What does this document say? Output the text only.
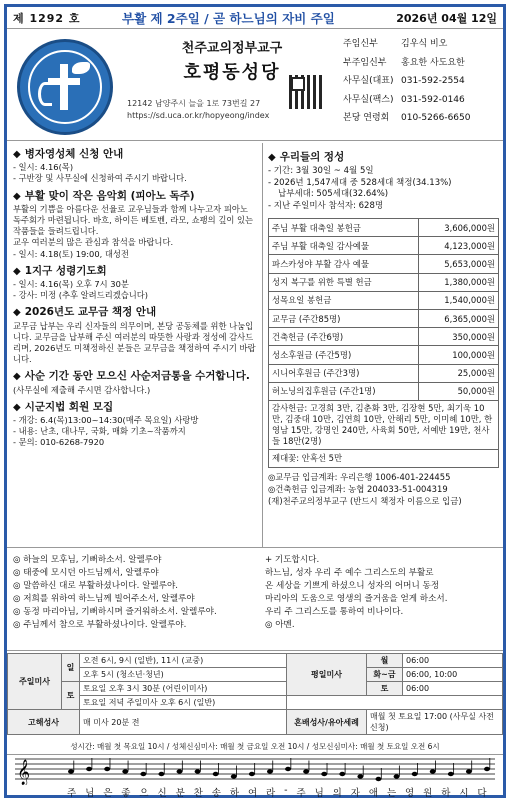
제 1292 호	부활 제 2주일 / 곧 하느님의 자비 주일	2026년 04월 12일
천주교의정부교구
호평동성당
12142 남양주시 늘을 1로 73번길 27
https://sd.uca.or.kr/hopyeong/index
주임신부	김우식 비오
부주임신부	홍요한 사도요한
사무실(대표) 031-592-2554
사무실(팩스) 031-592-0146
본당 연령회	010-5266-6650
◆ 병자영성체 신청 안내

- 일시: 4.16(목)

- 구반장 및 사무실에 신청하여 주시기 바랍니다.

◆ 부활 맞이 작은 음악회 (피아노 독주)

부활의 기쁨을 아름다운 선율로 교우님들과 함께 나누고자 피아노 독주회가 마련됩니다. 바흐, 하이든 베토벤, 라모, 쇼팽의 깊이 있는 작품들을 들려드립니다.

교우 여러분의 많은 관심과 참석을 바랍니다.

- 일시: 4.18(토) 19:00, 대성전

◆ 1지구 성령기도회

- 일시: 4.16(목) 오후 7시 30분

- 강사: 미정 (추후 알려드리겠습니다)

◆ 2026년도 교무금 책정 안내

교무금 납부는 우리 신자들의 의무이며, 본당 공동체를 위한 나눔입니다. 교무금을 납부해 주신 여러분의 따뜻한 사랑과 정성에 감사드리며, 2026년도 미책정하신 분들은 교무금을 책정하여 주시기 바랍니다.

◆ 사순 기간 동안 모으신 사순저금통을 수거합니다.

(사무실에 제출해 주시면 감사합니다.)

◆ 시군지법 회원 모집

- 개강: 6.4(목)13:00~14:30(매주 목요일) 사랑방

- 내용: 난초, 대나무, 국화, 매화 기초~작품까지

- 문의: 010-6268-7920

◆ 우리들의 정성

- 기간: 3월 30일 ~ 4월 5일

- 2026년 1,547세대 중 528세대 책정(34.13%)

납부세대: 505세대(32.64%)

- 지난 주일미사 참석자: 628명

주님 부활 대축일 봉헌금	3,606,000원
주님 부활 대축일 감사예물	4,123,000원
파스카성야 부활 감사 예물	5,653,000원
성지 복구를 위한 특별 헌금	1,380,000원
성목요일 봉헌금	1,540,000원
교무금 (주간85명)	6,365,000원
건축헌금 (주간6명)	350,000원
성소후원금 (주간5명)	100,000원
시니어후원금 (주간3명)	25,000원
허노닝의집후원금 (주간1명)	50,000원
감사헌금: 고경희 3만, 김춘화 3만, 김장현 5만, 최기욱 10만, 김중대 10만, 김연희 10만, 안해리 5만, 이미혜 10만, 한영남 15만, 강명인 240만, 사육회 50만, 서예반 19만, 천사들 18만(2명)	
제대꽃: 안혹선 5만	

◎교무금 입금계좌: 우리은행 1006-401-224455

◎건축헌금 입금계좌: 농협 204033-51-004319

(재)천주교의정부교구 (반드시 책정자 이름으로 입금)

◎ 하늘의 모후님, 기뻐하소서. 알렐루야

◎ 태중에 모시던 아드님께서, 알렐루야

◎ 말씀하신 대로 부활하셨나이다. 알렐루야.

◎ 저희를 위하여 하느님께 빌어주소서, 알렐루야

◎ 동정 마리아님, 기뻐하시며 즐거워하소서. 알렐루야.

◎ 주님께서 참으로 부활하셨나이다. 알렐루야.

+ 기도합시다.

하느님, 성자 우리 주 예수 그리스도의 부활로

온 세상을 기쁘게 하셨으니 성자의 어머니 동정

마리아의 도움으로 영생의 즐거움을 얻게 하소서.

우리 주 그리스도를 통하여 비나이다.

◎ 아멘.

주일미사	일	오전 6시, 9시 (일반), 11시 (교중)	평일미사	월	06:00
		오후 5시 (청소년·청년)		화~금	06:00, 10:00
	토	토요일 오후 3시 30분 (어린이미사)		토	06:00
		토요일 저녁 주일미사 오후 6시 (일반)			
고해성사		매 미사 20분 전	혼배성사/유아세례	매월 첫 토요일 17:00 (사무실 사전 신청)	
성시간: 매월 첫 목요일 10시 / 성체신심미사: 매월 첫 금요일 오전 10시 / 성모신심미사: 매월 첫 토요일 오전 6시
𝄞
주 님 은 좋 으 신 분 찬 송 하 여 라 - 주 님 의 자 애 는 영 원 하 시 다
